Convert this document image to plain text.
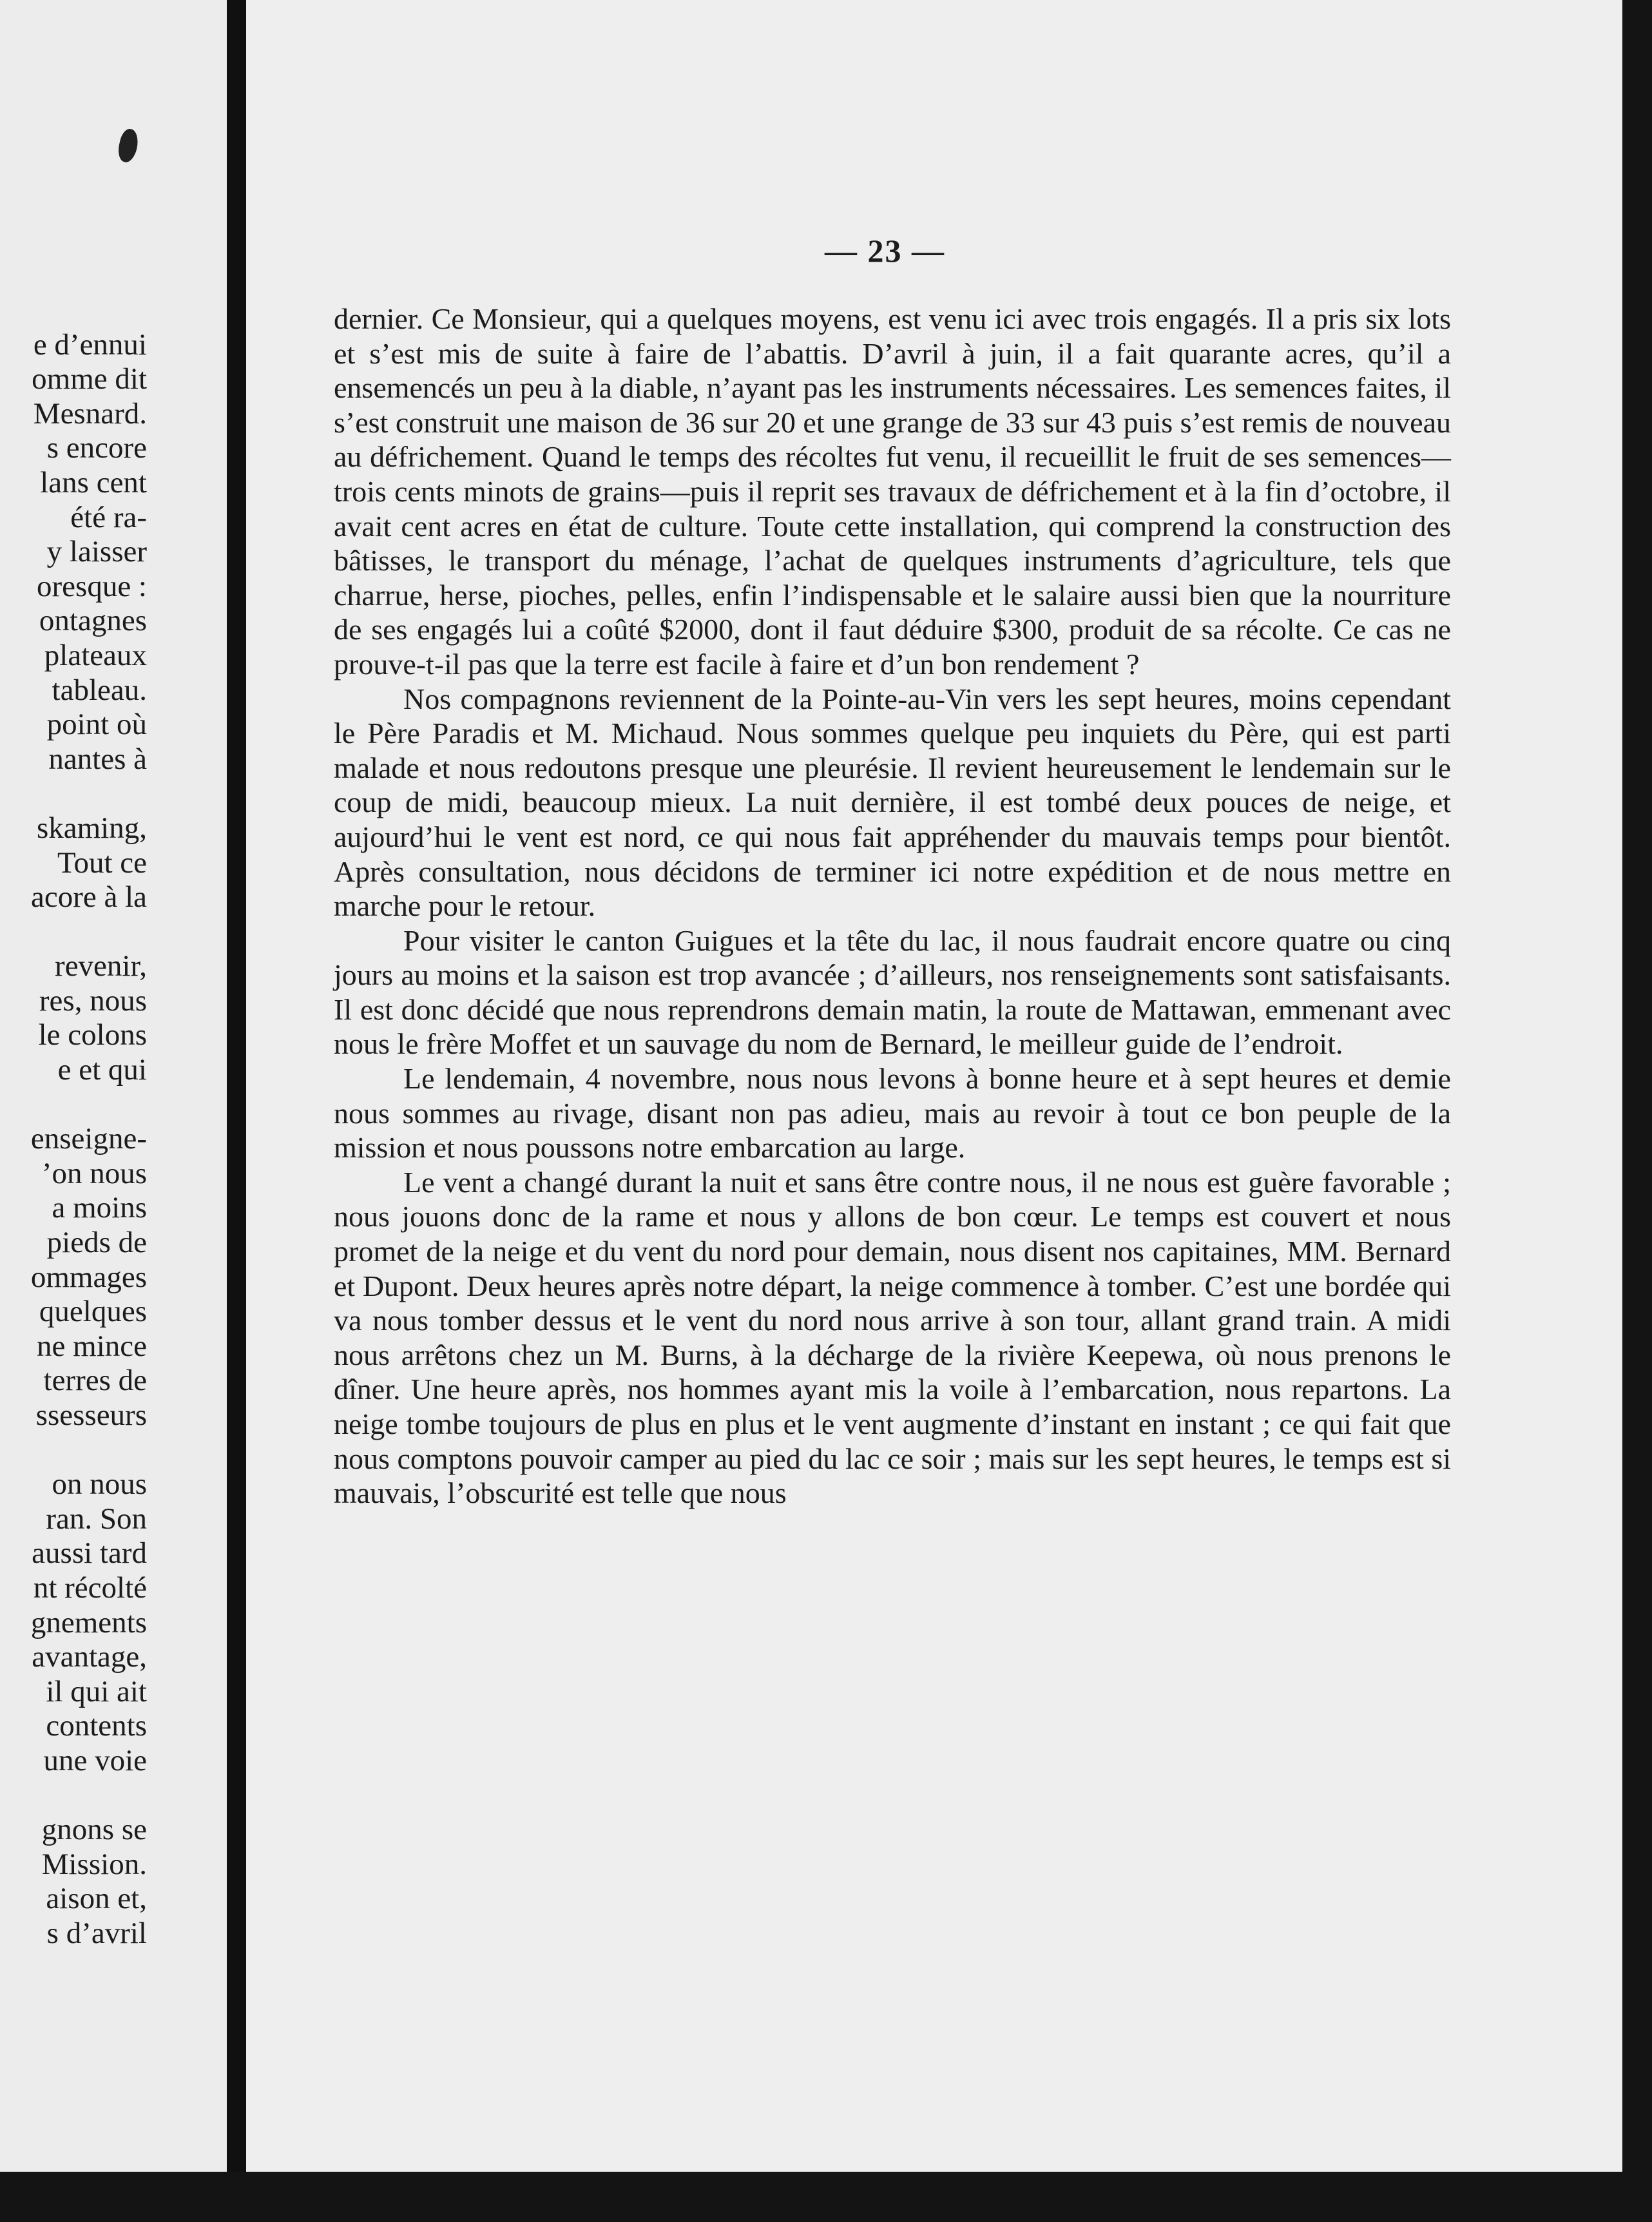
e d’ennui
omme dit
Mesnard.
s encore
lans cent
été ra-
y laisser
oresque :
ontagnes
plateaux
tableau.
point où
nantes à
skaming,
Tout ce
acore à la
revenir,
res, nous
le colons
e et qui
enseigne-
’on nous
a moins
pieds de
ommages
quelques
ne mince
terres de
ssesseurs
on nous
ran. Son
aussi tard
nt récolté
gnements
avantage,
il qui ait
contents
une voie
gnons se
Mission.
aison et,
s d’avril
— 23 —

dernier. Ce Monsieur, qui a quelques moyens, est venu ici avec trois engagés. Il a pris six lots et s’est mis de suite à faire de l’abattis. D’avril à juin, il a fait quarante acres, qu’il a ensemencés un peu à la diable, n’ayant pas les instruments nécessaires. Les semences faites, il s’est construit une maison de 36 sur 20 et une grange de 33 sur 43 puis s’est remis de nouveau au défrichement. Quand le temps des récoltes fut venu, il recueillit le fruit de ses semences—trois cents minots de grains—puis il reprit ses travaux de défrichement et à la fin d’octobre, il avait cent acres en état de culture. Toute cette installation, qui comprend la construction des bâtisses, le transport du ménage, l’achat de quelques instruments d’agriculture, tels que charrue, herse, pioches, pelles, enfin l’indispensable et le salaire aussi bien que la nourriture de ses engagés lui a coûté $2000, dont il faut déduire $300, produit de sa récolte. Ce cas ne prouve-t-il pas que la terre est facile à faire et d’un bon rendement ?

Nos compagnons reviennent de la Pointe-au-Vin vers les sept heures, moins cependant le Père Paradis et M. Michaud. Nous sommes quelque peu inquiets du Père, qui est parti malade et nous redoutons presque une pleurésie. Il revient heureusement le lendemain sur le coup de midi, beaucoup mieux. La nuit dernière, il est tombé deux pouces de neige, et aujourd’hui le vent est nord, ce qui nous fait appréhender du mauvais temps pour bientôt. Après consultation, nous décidons de terminer ici notre expédition et de nous mettre en marche pour le retour.

Pour visiter le canton Guigues et la tête du lac, il nous faudrait encore quatre ou cinq jours au moins et la saison est trop avancée ; d’ailleurs, nos renseignements sont satisfaisants. Il est donc décidé que nous reprendrons demain matin, la route de Mattawan, emmenant avec nous le frère Moffet et un sauvage du nom de Bernard, le meilleur guide de l’endroit.

Le lendemain, 4 novembre, nous nous levons à bonne heure et à sept heures et demie nous sommes au rivage, disant non pas adieu, mais au revoir à tout ce bon peuple de la mission et nous poussons notre embarcation au large.

Le vent a changé durant la nuit et sans être contre nous, il ne nous est guère favorable ; nous jouons donc de la rame et nous y allons de bon cœur. Le temps est couvert et nous promet de la neige et du vent du nord pour demain, nous disent nos capitaines, MM. Bernard et Dupont. Deux heures après notre départ, la neige commence à tomber. C’est une bordée qui va nous tomber dessus et le vent du nord nous arrive à son tour, allant grand train. A midi nous arrêtons chez un M. Burns, à la décharge de la rivière Keepewa, où nous prenons le dîner. Une heure après, nos hommes ayant mis la voile à l’embarcation, nous repartons. La neige tombe toujours de plus en plus et le vent augmente d’instant en instant ; ce qui fait que nous comptons pouvoir camper au pied du lac ce soir ; mais sur les sept heures, le temps est si mauvais, l’obscurité est telle que nous
